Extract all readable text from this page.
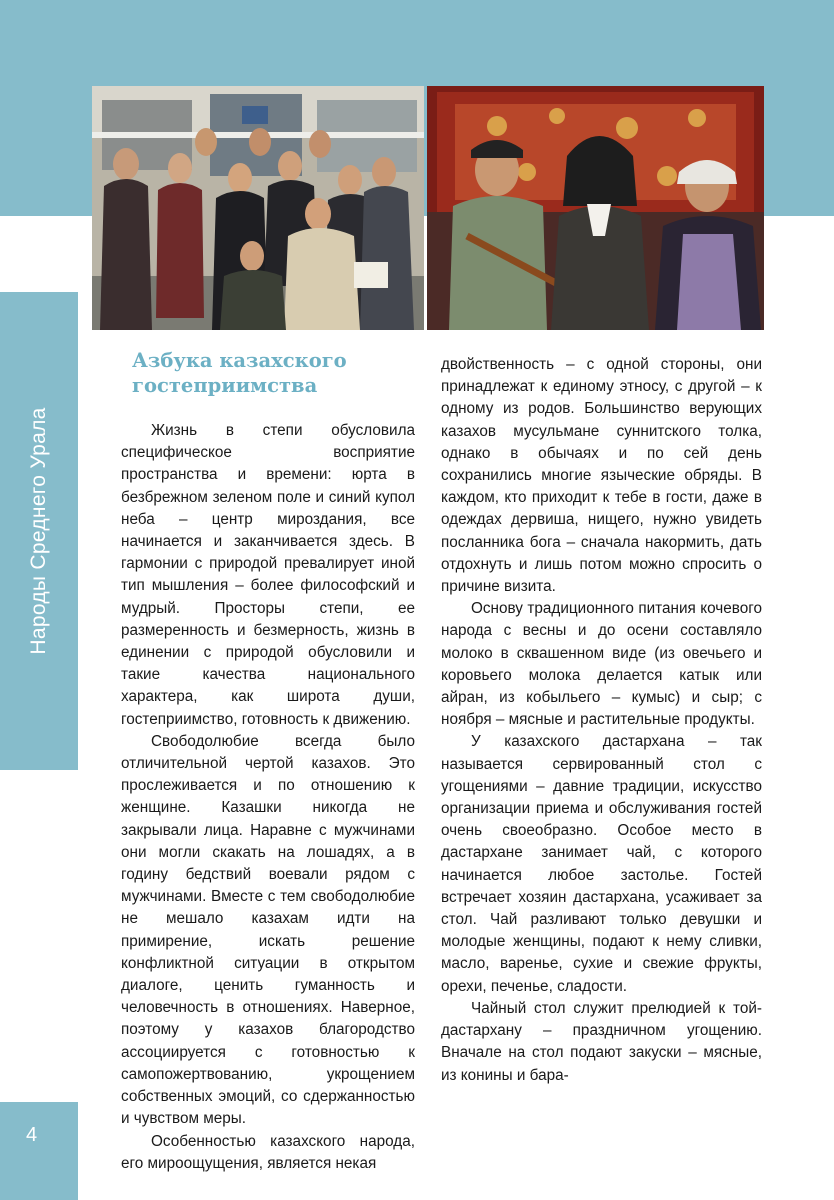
Народы Среднего Урала
Азбука казахского
гостеприимства

Жизнь в степи обусловила специфическое восприятие пространства и времени: юрта в безбрежном зеленом поле и синий купол неба – центр мироздания, все начинается и заканчивается здесь. В гармонии с природой превалирует иной тип мышления – более философский и мудрый. Просторы степи, ее размеренность и безмерность, жизнь в единении с природой обусловили и такие качества национального характера, как широта души, гостеприимство, готовность к движению.

Свободолюбие всегда было отличительной чертой казахов. Это прослеживается и по отношению к женщине. Казашки никогда не закрывали лица. Наравне с мужчинами они могли скакать на лошадях, а в годину бедствий воевали рядом с мужчинами. Вместе с тем свободолюбие не мешало казахам идти на примирение, искать решение конфликтной ситуации в открытом диалоге, ценить гуманность и человечность в отношениях. Наверное, поэтому у казахов благородство ассоциируется с готовностью к самопожертвованию, укрощением собственных эмоций, со сдержанностью и чувством меры.

Особенностью казахского народа, его мироощущения, является некая

двойственность – с одной стороны, они принадлежат к единому этносу, с другой – к одному из родов. Большинство верующих казахов мусульмане суннитского толка, однако в обычаях и по сей день сохранились многие языческие обряды. В каждом, кто приходит к тебе в гости, даже в одеждах дервиша, нищего, нужно увидеть посланника бога – сначала накормить, дать отдохнуть и лишь потом можно спросить о причине визита.

Основу традиционного питания кочевого народа с весны и до осени составляло молоко в сквашенном виде (из овечьего и коровьего молока делается катык или айран, из кобыльего – кумыс) и сыр; с ноября – мясные и растительные продукты.

У казахского дастархана – так называется сервированный стол с угощениями – давние традиции, искусство организации приема и обслуживания гостей очень своеобразно. Особое место в дастархане занимает чай, с которого начинается любое застолье. Гостей встречает хозяин дастархана, усаживает за стол. Чай разливают только девушки и молодые женщины, подают к нему сливки, масло, варенье, сухие и свежие фрукты, орехи, печенье, сладости.

Чайный стол служит прелюдией к той-дастархану – праздничном угощению. Вначале на стол подают закуски – мясные, из конины и бара-

4
